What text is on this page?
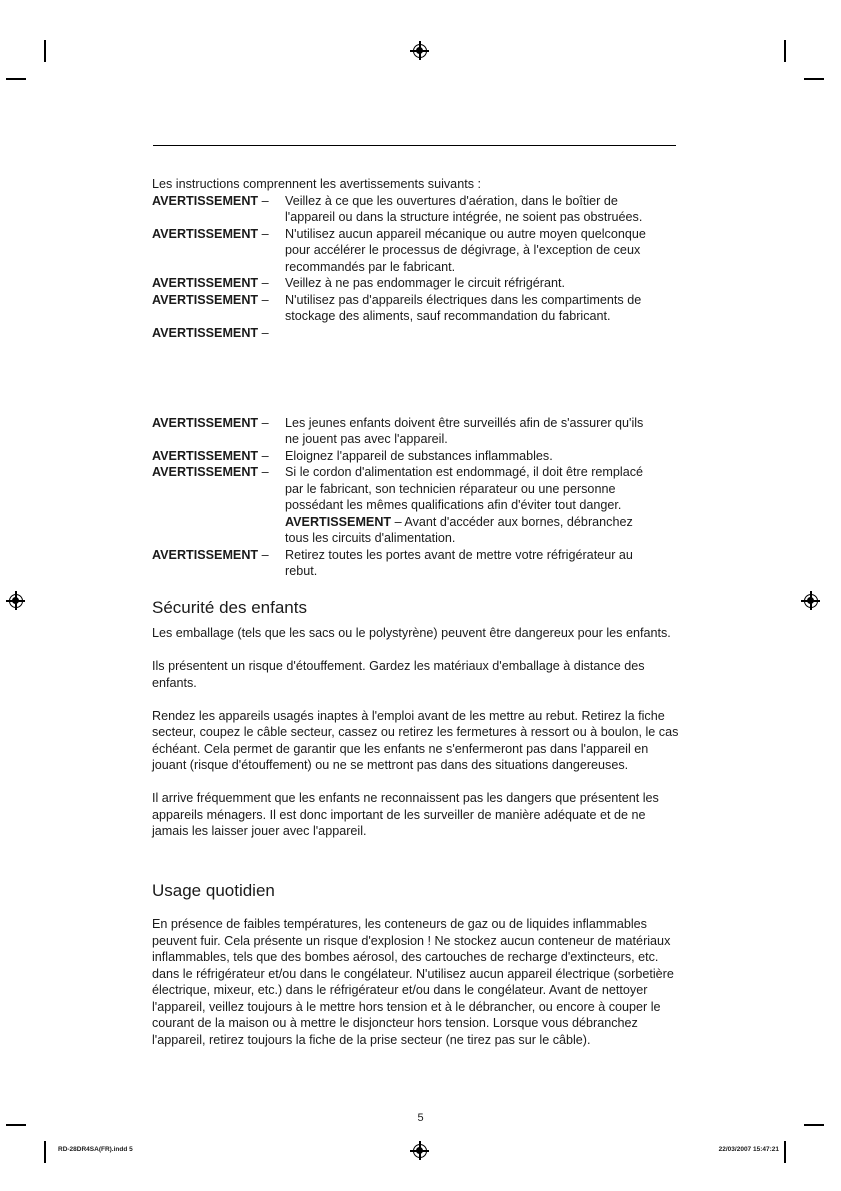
Les instructions comprennent les avertissements suivants :
AVERTISSEMENT –	Veillez à ce que les ouvertures d'aération, dans le boîtier de
l'appareil ou dans la structure intégrée, ne soient pas obstruées.
AVERTISSEMENT –	N'utilisez aucun appareil mécanique ou autre moyen quelconque
pour accélérer le processus de dégivrage, à l'exception de ceux
recommandés par le fabricant.
AVERTISSEMENT –	Veillez à ne pas endommager le circuit réfrigérant.
AVERTISSEMENT –	N'utilisez pas d'appareils électriques dans les compartiments de
stockage des aliments, sauf recommandation du fabricant.
AVERTISSEMENT –
AVERTISSEMENT –	Les jeunes enfants doivent être surveillés afin de s'assurer qu'ils
ne jouent pas avec l'appareil.
AVERTISSEMENT –	Eloignez l'appareil de substances inflammables.
AVERTISSEMENT –	Si le cordon d'alimentation est endommagé, il doit être remplacé
par le fabricant, son technicien réparateur ou une personne
possédant les mêmes qualifications afin d'éviter tout danger.
AVERTISSEMENT – Avant d'accéder aux bornes, débranchez
tous les circuits d'alimentation.
AVERTISSEMENT –	Retirez toutes les portes avant de mettre votre réfrigérateur au
rebut.
Sécurité des enfants

Les emballage (tels que les sacs ou le polystyrène) peuvent être dangereux pour les enfants.

Ils présentent un risque d'étouffement. Gardez les matériaux d'emballage à distance des enfants.

Rendez les appareils usagés inaptes à l'emploi avant de les mettre au rebut. Retirez la fiche secteur, coupez le câble secteur, cassez ou retirez les fermetures à ressort ou à boulon, le cas échéant. Cela permet de garantir que les enfants ne s'enfermeront pas dans l'appareil en jouant (risque d'étouffement) ou ne se mettront pas dans des situations dangereuses.

Il arrive fréquemment que les enfants ne reconnaissent pas les dangers que présentent les appareils ménagers. Il est donc important de les surveiller de manière adéquate et de ne jamais les laisser jouer avec l'appareil.

Usage quotidien

En présence de faibles températures, les conteneurs de gaz ou de liquides inflammables peuvent fuir. Cela présente un risque d'explosion ! Ne stockez aucun conteneur de matériaux inflammables, tels que des bombes aérosol, des cartouches de recharge d'extincteurs, etc. dans le réfrigérateur et/ou dans le congélateur. N'utilisez aucun appareil électrique (sorbetière électrique, mixeur, etc.) dans le réfrigérateur et/ou dans le congélateur. Avant de nettoyer l'appareil, veillez toujours à le mettre hors tension et à le débrancher, ou encore à couper le courant de la maison ou à mettre le disjoncteur hors tension. Lorsque vous débranchez l'appareil, retirez toujours la fiche de la prise secteur (ne tirez pas sur le câble).

5
RD-28DR4SA(FR).indd 5	22/03/2007 15:47:21
